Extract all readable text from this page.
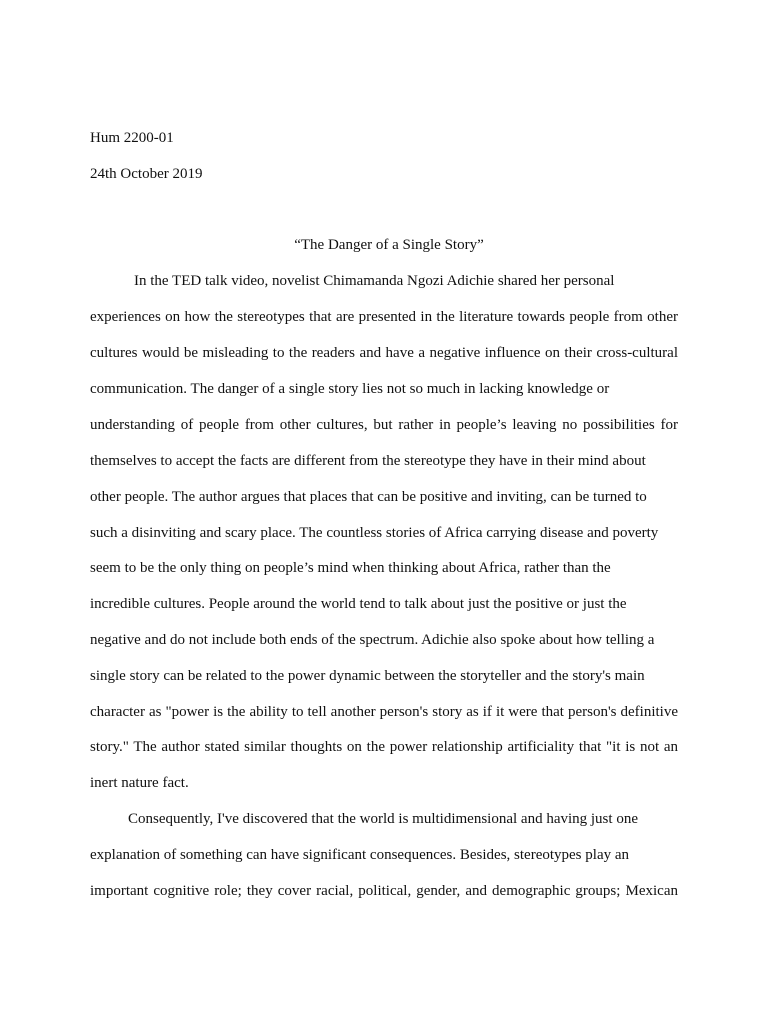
Hum 2200-01
24th October 2019
“The Danger of a Single Story”
In the TED talk video, novelist Chimamanda Ngozi Adichie shared her personal
experiences on how the stereotypes that are presented in the literature towards people from other
cultures would be misleading to the readers and have a negative influence on their cross-cultural
communication. The danger of a single story lies not so much in lacking knowledge or
understanding of people from other cultures, but rather in people’s leaving no possibilities for
themselves to accept the facts are different from the stereotype they have in their mind about
other people. The author argues that places that can be positive and inviting, can be turned to
such a disinviting and scary place. The countless stories of Africa carrying disease and poverty
seem to be the only thing on people’s mind when thinking about Africa, rather than the
incredible cultures. People around the world tend to talk about just the positive or just the
negative and do not include both ends of the spectrum. Adichie also spoke about how telling a
single story can be related to the power dynamic between the storyteller and the story's main
character as "power is the ability to tell another person's story as if it were that person's definitive
story." The author stated similar thoughts on the power relationship artificiality that "it is not an
inert nature fact.
Consequently, I've discovered that the world is multidimensional and having just one
explanation of something can have significant consequences. Besides, stereotypes play an
important cognitive role; they cover racial, political, gender, and demographic groups; Mexican
